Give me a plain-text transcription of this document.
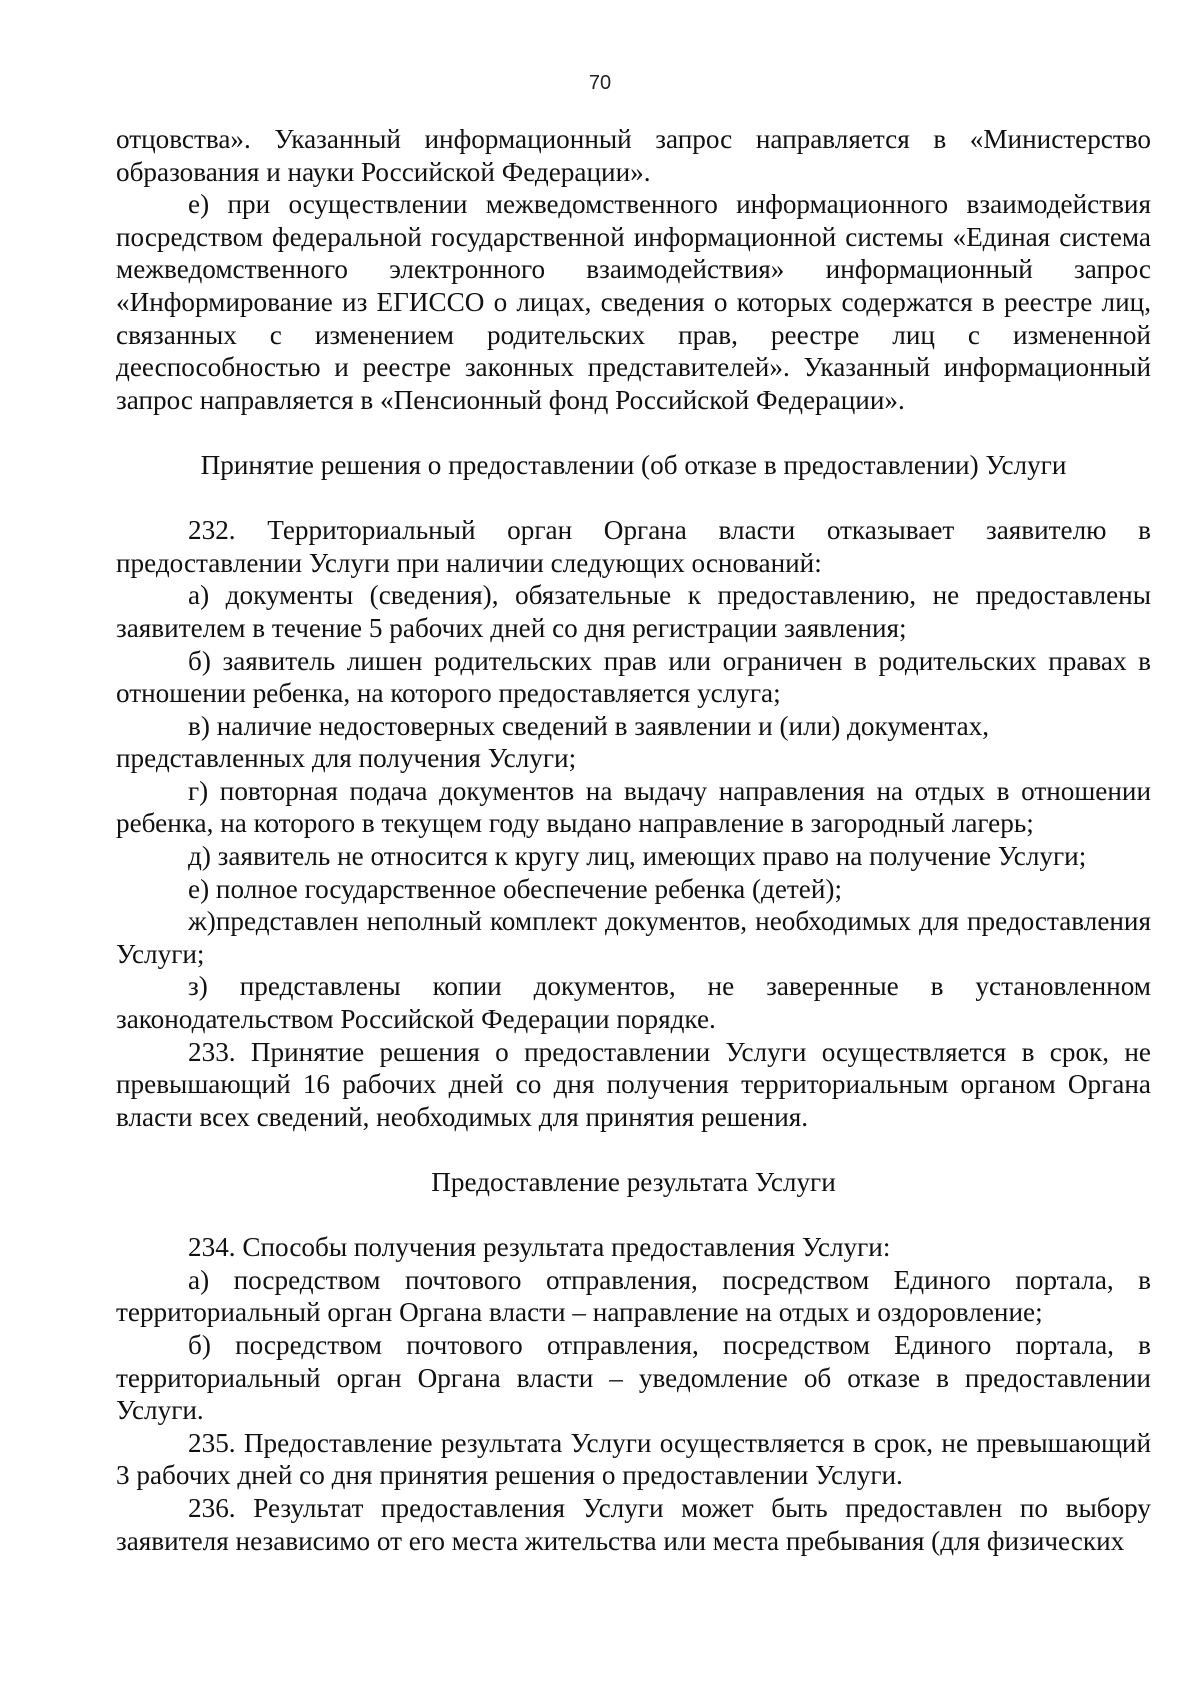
70

отцовства». Указанный информационный запрос направляется в «Министерство образования и науки Российской Федерации».

е) при осуществлении межведомственного информационного взаимодействия посредством федеральной государственной информационной системы «Единая система межведомственного электронного взаимодействия» информационный запрос «Информирование из ЕГИССО о лицах, сведения о которых содержатся в реестре лиц, связанных с изменением родительских прав, реестре лиц с измененной дееспособностью и реестре законных представителей». Указанный информационный запрос направляется в «Пенсионный фонд Российской Федерации».

Принятие решения о предоставлении (об отказе в предоставлении) Услуги

232. Территориальный орган Органа власти отказывает заявителю в предоставлении Услуги при наличии следующих оснований:

а) документы (сведения), обязательные к предоставлению, не предоставлены заявителем в течение 5 рабочих дней со дня регистрации заявления;

б) заявитель лишен родительских прав или ограничен в родительских правах в отношении ребенка, на которого предоставляется услуга;

в) наличие недостоверных сведений в заявлении и (или) документах, представленных для получения Услуги;

г) повторная подача документов на выдачу направления на отдых в отношении ребенка, на которого в текущем году выдано направление в загородный лагерь;

д) заявитель не относится к кругу лиц, имеющих право на получение Услуги;

е) полное государственное обеспечение ребенка (детей);

ж)представлен неполный комплект документов, необходимых для предоставления Услуги;

з) представлены копии документов, не заверенные в установленном законодательством Российской Федерации порядке.

233. Принятие решения о предоставлении Услуги осуществляется в срок, не превышающий 16 рабочих дней со дня получения территориальным органом Органа власти всех сведений, необходимых для принятия решения.

Предоставление результата Услуги

234. Способы получения результата предоставления Услуги:

а) посредством почтового отправления, посредством Единого портала, в территориальный орган Органа власти – направление на отдых и оздоровление;

б) посредством почтового отправления, посредством Единого портала, в территориальный орган Органа власти – уведомление об отказе в предоставлении Услуги.

235. Предоставление результата Услуги осуществляется в срок, не превышающий 3 рабочих дней со дня принятия решения о предоставлении Услуги.

236. Результат предоставления Услуги может быть предоставлен по выбору заявителя независимо от его места жительства или места пребывания (для физических
